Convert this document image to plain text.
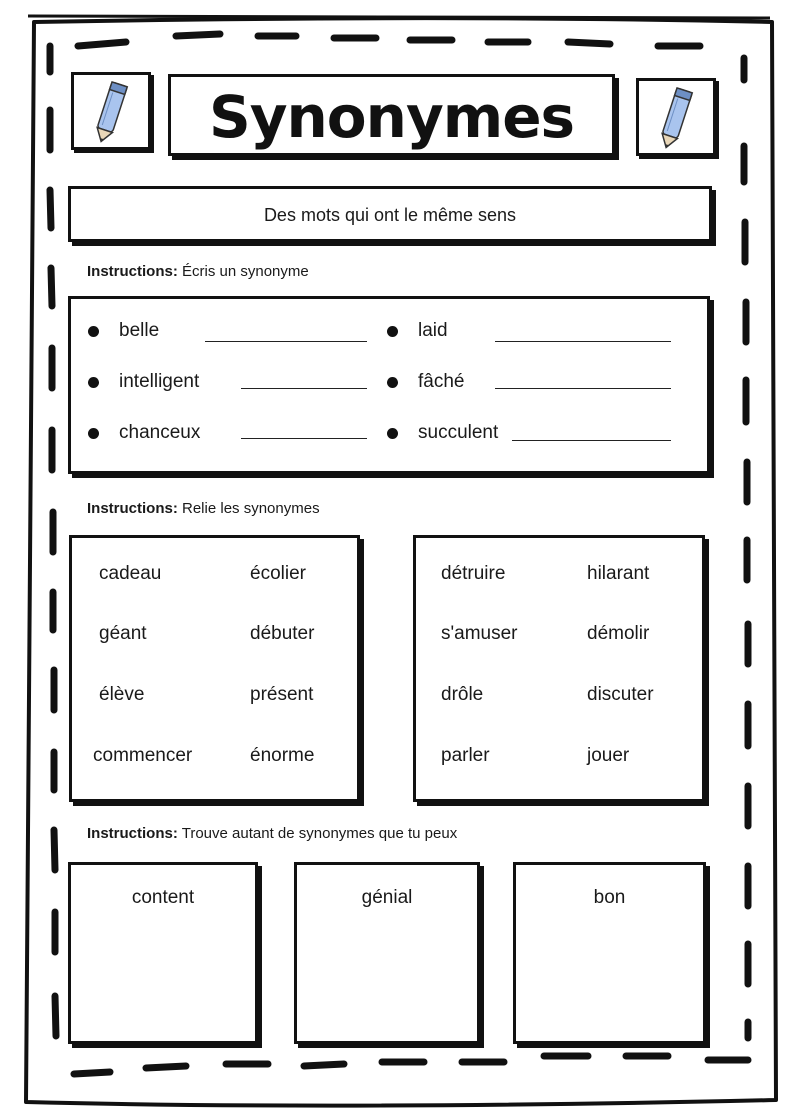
Synonymes
Des mots qui ont le même sens
Instructions: Écris un synonyme
belle
intelligent
chanceux
laid
fâché
succulent
Instructions: Relie les synonymes
cadeau
géant
élève
commencer
écolier
débuter
présent
énorme
détruire
s'amuser
drôle
parler
hilarant
démolir
discuter
jouer
Instructions: Trouve autant de synonymes que tu peux
content	génial	bon
